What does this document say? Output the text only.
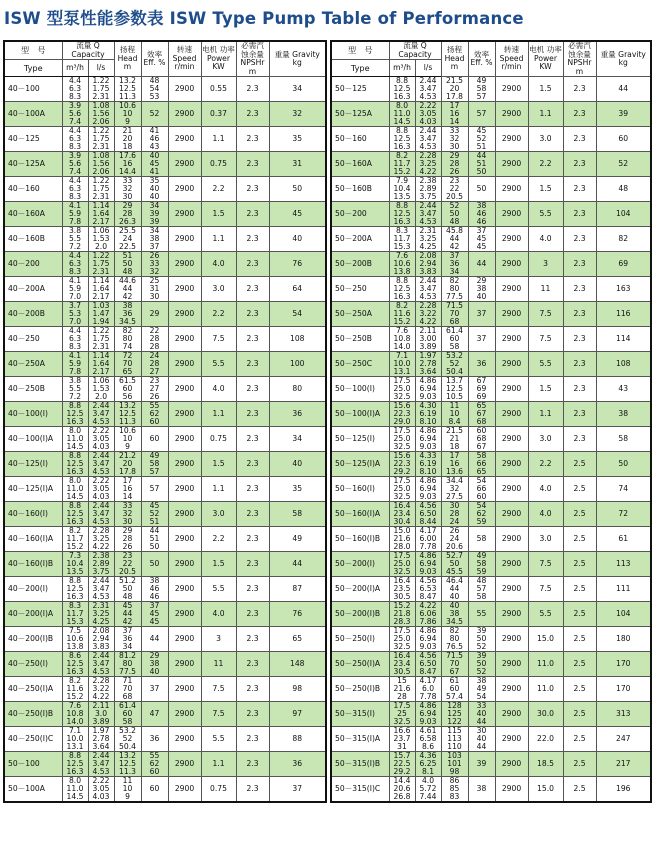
ISW 型泵性能参数表 ISW Type Pump Table of Performance
型　号	流量 Q Capacity		扬程 Head m	效率 Eff. %	转速 Speed r/min	电机 功率 Power KW	必需汽 蚀余量 NPSHr m	重量 Gravity kg
Type	m³/h	l/s						
40－100	4.4
6.3
8.3	1.22
1.75
2.31	13.2
12.5
11.3	48
54
53	2900	0.55	2.3	34
40－100A	3.9
5.6
7.4	1.08
1.56
2.06	10.6
10
9	52	2900	0.37	2.3	32
40－125	4.4
6.3
8.3	1.22
1.75
2.31	21
20
18	41
46
43	2900	1.1	2.3	35
40－125A	3.9
5.6
7.4	1.08
1.56
2.06	17.6
16
14.4	40
45
41	2900	0.75	2.3	31
40－160	4.4
6.3
8.3	1.22
1.75
2.31	33
32
30	35
40
40	2900	2.2	2.3	50
40－160A	4.1
5.9
7.8	1.14
1.64
2.17	29
28
26.3	34
39
39	2900	1.5	2.3	45
40－160B	3.8
5.5
7.2	1.06
1.53
2.0	25.5
24
22.5	34
38
37	2900	1.1	2.3	40
40－200	4.4
6.3
8.3	1.22
1.75
2.31	51
50
48	26
33
32	2900	4.0	2.3	76
40－200A	4.1
5.9
7.0	1.14
1.64
2.17	44.6
44
42	25
31
30	2900	3.0	2.3	64
40－200B	3.7
5.3
7.0	1.03
1.47
1.94	38
36
34.5	29	2900	2.2	2.3	54
40－250	4.4
6.3
8.3	1.22
1.75
2.31	82
80
74	22
28
28	2900	7.5	2.3	108
40－250A	4.1
5.9
7.8	1.14
1.64
2.17	72
70
65	24
28
27	2900	5.5	2.3	100
40－250B	3.8
5.5
7.2	1.06
1.53
2.0	61.5
60
56	23
27
26	2900	4.0	2.3	80
40－100(I)	8.8
12.5
16.3	2.44
3.47
4.53	13.2
12.5
11.3	55
62
60	2900	1.1	2.3	36
40－100(I)A	8.0
11.0
14.5	2.22
3.05
4.03	10.6
10
9	60	2900	0.75	2.3	34
40－125(I)	8.8
12.5
16.3	2.44
3.47
4.53	21.2
20
17.8	49
58
57	2900	1.5	2.3	40
40－125(I)A	8.0
11.0
14.5	2.22
3.05
4.03	17
16
14	57	2900	1.1	2.3	35
40－160(I)	8.8
12.5
16.3	2.44
3.47
4.53	33
32
30	45
52
51	2900	3.0	2.3	58
40－160(I)A	8.2
11.7
15.2	2.28
3.25
4.22	29
28
26	44
51
50	2900	2.2	2.3	49
40－160(I)B	7.3
10.4
13.5	2.38
2.89
3.75	23
22
20.5	50	2900	1.5	2.3	44
40－200(I)	8.8
12.5
16.3	2.44
3.47
4.53	51.2
50
48	38
46
46	2900	5.5	2.3	87
40－200(I)A	8.3
11.7
15.3	2.31
3.25
4.25	45
44
42	37
45
45	2900	4.0	2.3	76
40－200(I)B	7.5
10.6
13.8	2.08
2.94
3.83	37
36
34	44	2900	3	2.3	65
40－250(I)	8.6
12.5
16.3	2.44
3.47
4.53	81.2
80
77.5	29
38
40	2900	11	2.3	148
40－250(I)A	8.2
11.6
15.2	2.28
3.22
4.22	71
70
68	37	2900	7.5	2.3	98
40－250(I)B	7.6
10.8
14.0	2.11
3.0
3.89	61.4
60
58	47	2900	7.5	2.3	97
40－250(I)C	7.1
10.0
13.1	1.97
2.78
3.64	53.2
52
50.4	36	2900	5.5	2.3	88
50－100	8.8
12.5
16.3	2.44
3.47
4.53	13.2
12.5
11.3	55
62
60	2900	1.1	2.3	36
50－100A	8.0
11.0
14.5	2.22
3.05
4.03	11
10
9	60	2900	0.75	2.3	37
型　号	流量 Q Capacity		扬程 Head m	效率 Eff. %	转速 Speed r/min	电机 功率 Power KW	必需汽 蚀余量 NPSHr m	重量 Gravity kg
Type	m³/h	l/s						
50－125	8.8
12.5
16.3	2.44
3.47
4.53	21.5
20
17.8	49
58
57	2900	1.5	2.3	44
50－125A	8.0
11.0
14.5	2.22
3.05
4.03	17
16
14	57	2900	1.1	2.3	39
50－160	8.8
12.5
16.3	2.44
3.47
4.53	33
32
30	45
52
51	2900	3.0	2.3	60
50－160A	8.2
11.7
15.2	2.28
3.25
4.22	29
28
26	44
51
50	2900	2.2	2.3	52
50－160B	7.9
10.4
13.5	2.38
2.89
3.75	23
22
20.5	50	2900	1.5	2.3	48
50－200	8.8
12.5
16.3	2.44
3.47
4.53	52
50
48	38
46
46	2900	5.5	2.3	104
50－200A	8.3
11.7
15.3	2.31
3.25
4.25	45.8
44
42	37
45
45	2900	4.0	2.3	82
50－200B	7.6
10.6
13.8	2.08
2.94
3.83	37
36
34	44	2900	3	2.3	69
50－250	8.8
12.5
16.3	2.44
3.47
4.53	82
80
77.5	29
38
40	2900	11	2.3	163
50－250A	8.2
11.6
15.2	2.28
3.22
4.22	71.5
70
68	37	2900	7.5	2.3	116
50－250B	7.6
10.8
14.0	2.11
3.00
3.89	61.4
60
58	37	2900	7.5	2.3	114
50－250C	7.1
10.0
13.1	1.97
2.78
3.64	53.2
52
50.4	36	2900	5.5	2.3	108
50－100(I)	17.5
25.0
32.5	4.86
6.94
9.03	13.7
12.5
10.5	67
69
69	2900	1.5	2.3	43
50－100(I)A	15.6
22.3
29.0	4.30
6.19
8.10	11
10
8.4	65
67
68	2900	1.1	2.3	38
50－125(I)	17.5
25.0
32.5	4.86
6.94
9.03	21.5
21
18	60
68
67	2900	3.0	2.3	58
50－125(I)A	15.6
22.3
29.2	4.33
6.19
8.10	17
16
13.6	58
66
65	2900	2.2	2.5	50
50－160(I)	17.5
25.0
32.5	4.86
6.94
9.03	34.4
32
27.5	54
66
60	2900	4.0	2.5	74
50－160(I)A	16.4
23.4
30.4	4.56
6.50
8.44	30
28
24	54
62
59	2900	4.0	2.5	72
50－160(I)B	15.0
21.6
28.0	4.17
6.00
7.78	26
24
20.6	58	2900	3.0	2.5	61
50－200(I)	17.5
25.0
32.5	4.86
6.94
9.03	52.7
50
45.5	49
58
59	2900	7.5	2.5	113
50－200(I)A	16.4
23.5
30.5	4.56
6.53
8.47	46.4
44
40	48
57
58	2900	7.5	2.5	111
50－200(I)B	15.2
21.8
28.3	4.22
6.06
7.86	40
38
34.5	55	2900	5.5	2.5	104
50－250(I)	17.5
25.0
32.5	4.86
6.94
9.03	82
80
76.5	39
50
52	2900	15.0	2.5	180
50－250(I)A	16.4
23.4
30.5	4.56
6.50
8.47	71.5
70
67	39
50
52	2900	11.0	2.5	170
50－250(I)B	15
21.6
28	4.17
6.0
7.78	61
60
57.4	38
49
54	2900	11.0	2.5	170
50－315(I)	17.5
25
32.5	4.86
6.94
9.03	128
125
122	33
40
44	2900	30.0	2.5	313
50－315(I)A	16.6
23.7
31	4.61
6.58
8.6	115
113
110	30
40
44	2900	22.0	2.5	247
50－315(I)B	15.7
22.5
29.2	4.36
6.25
8.1	103
101
98	39	2900	18.5	2.5	217
50－315(I)C	14.4
20.6
26.8	4.0
5.72
7.44	86
85
83	38	2900	15.0	2.5	196
